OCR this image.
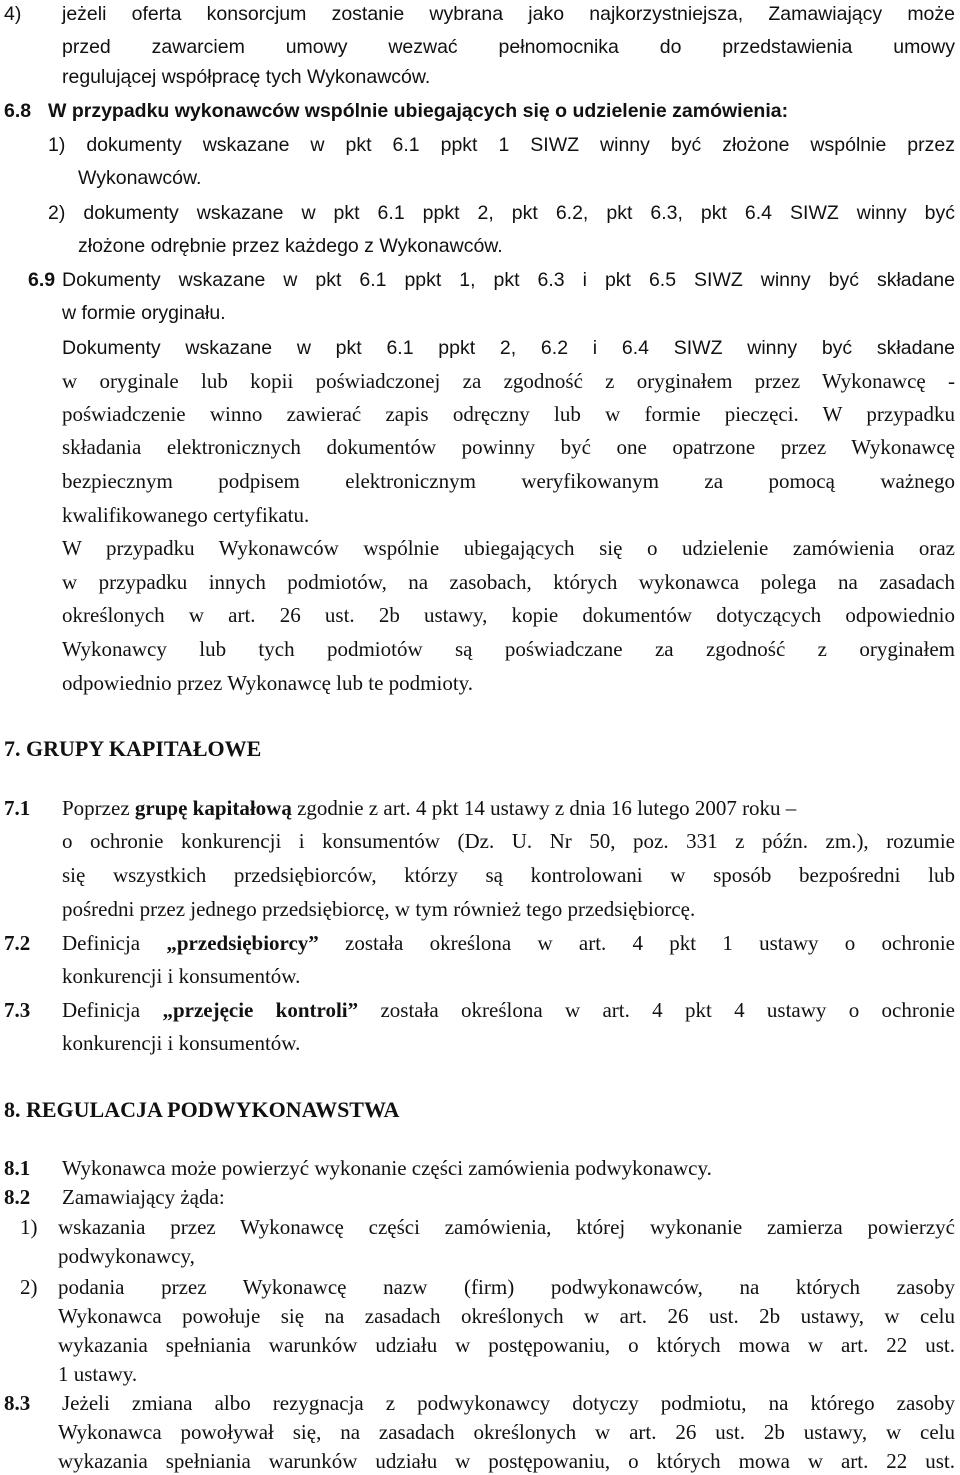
4) jeżeli oferta konsorcjum zostanie wybrana jako najkorzystniejsza, Zamawiający może
przed zawarciem umowy wezwać pełnomocnika do przedstawienia umowy
regulującej współpracę tych Wykonawców.
6.8 W przypadku wykonawców wspólnie ubiegających się o udzielenie zamówienia:
1) dokumenty wskazane w pkt 6.1 ppkt 1 SIWZ winny być złożone wspólnie przez
Wykonawców.
2) dokumenty wskazane w pkt 6.1 ppkt 2, pkt 6.2, pkt 6.3, pkt 6.4 SIWZ winny być
złożone odrębnie przez każdego z Wykonawców.
6.9 Dokumenty wskazane w pkt 6.1 ppkt 1, pkt 6.3 i pkt 6.5 SIWZ winny być składane
w formie oryginału.
Dokumenty wskazane w pkt 6.1 ppkt 2, 6.2 i 6.4 SIWZ winny być składane
w oryginale lub kopii poświadczonej za zgodność z oryginałem przez Wykonawcę -
poświadczenie winno zawierać zapis odręczny lub w formie pieczęci. W przypadku
składania elektronicznych dokumentów powinny być one opatrzone przez Wykonawcę
bezpiecznym podpisem elektronicznym weryfikowanym za pomocą ważnego
kwalifikowanego certyfikatu.
W przypadku Wykonawców wspólnie ubiegających się o udzielenie zamówienia oraz
w przypadku innych podmiotów, na zasobach, których wykonawca polega na zasadach
określonych w art. 26 ust. 2b ustawy, kopie dokumentów dotyczących odpowiednio
Wykonawcy lub tych podmiotów są poświadczane za zgodność z oryginałem
odpowiednio przez Wykonawcę lub te podmioty.
7. GRUPY KAPITAŁOWE
7.1 Poprzez grupę kapitałową zgodnie z art. 4 pkt 14 ustawy z dnia 16 lutego 2007 roku –
o ochronie konkurencji i konsumentów (Dz. U. Nr 50, poz. 331 z późn. zm.), rozumie
się wszystkich przedsiębiorców, którzy są kontrolowani w sposób bezpośredni lub
pośredni przez jednego przedsiębiorcę, w tym również tego przedsiębiorcę.
7.2 Definicja „przedsiębiorcy” została określona w art. 4 pkt 1 ustawy o ochronie
konkurencji i konsumentów.
7.3 Definicja „przejęcie kontroli” została określona w art. 4 pkt 4 ustawy o ochronie
konkurencji i konsumentów.
8. REGULACJA PODWYKONAWSTWA
8.1 Wykonawca może powierzyć wykonanie części zamówienia podwykonawcy.
8.2 Zamawiający żąda:
1) wskazania przez Wykonawcę części zamówienia, której wykonanie zamierza powierzyć
podwykonawcy,
2) podania przez Wykonawcę nazw (firm) podwykonawców, na których zasoby
Wykonawca powołuje się na zasadach określonych w art. 26 ust. 2b ustawy, w celu
wykazania spełniania warunków udziału w postępowaniu, o których mowa w art. 22 ust.
1 ustawy.
8.3 Jeżeli zmiana albo rezygnacja z podwykonawcy dotyczy podmiotu, na którego zasoby
Wykonawca powoływał się, na zasadach określonych w art. 26 ust. 2b ustawy, w celu
wykazania spełniania warunków udziału w postępowaniu, o których mowa w art. 22 ust.
